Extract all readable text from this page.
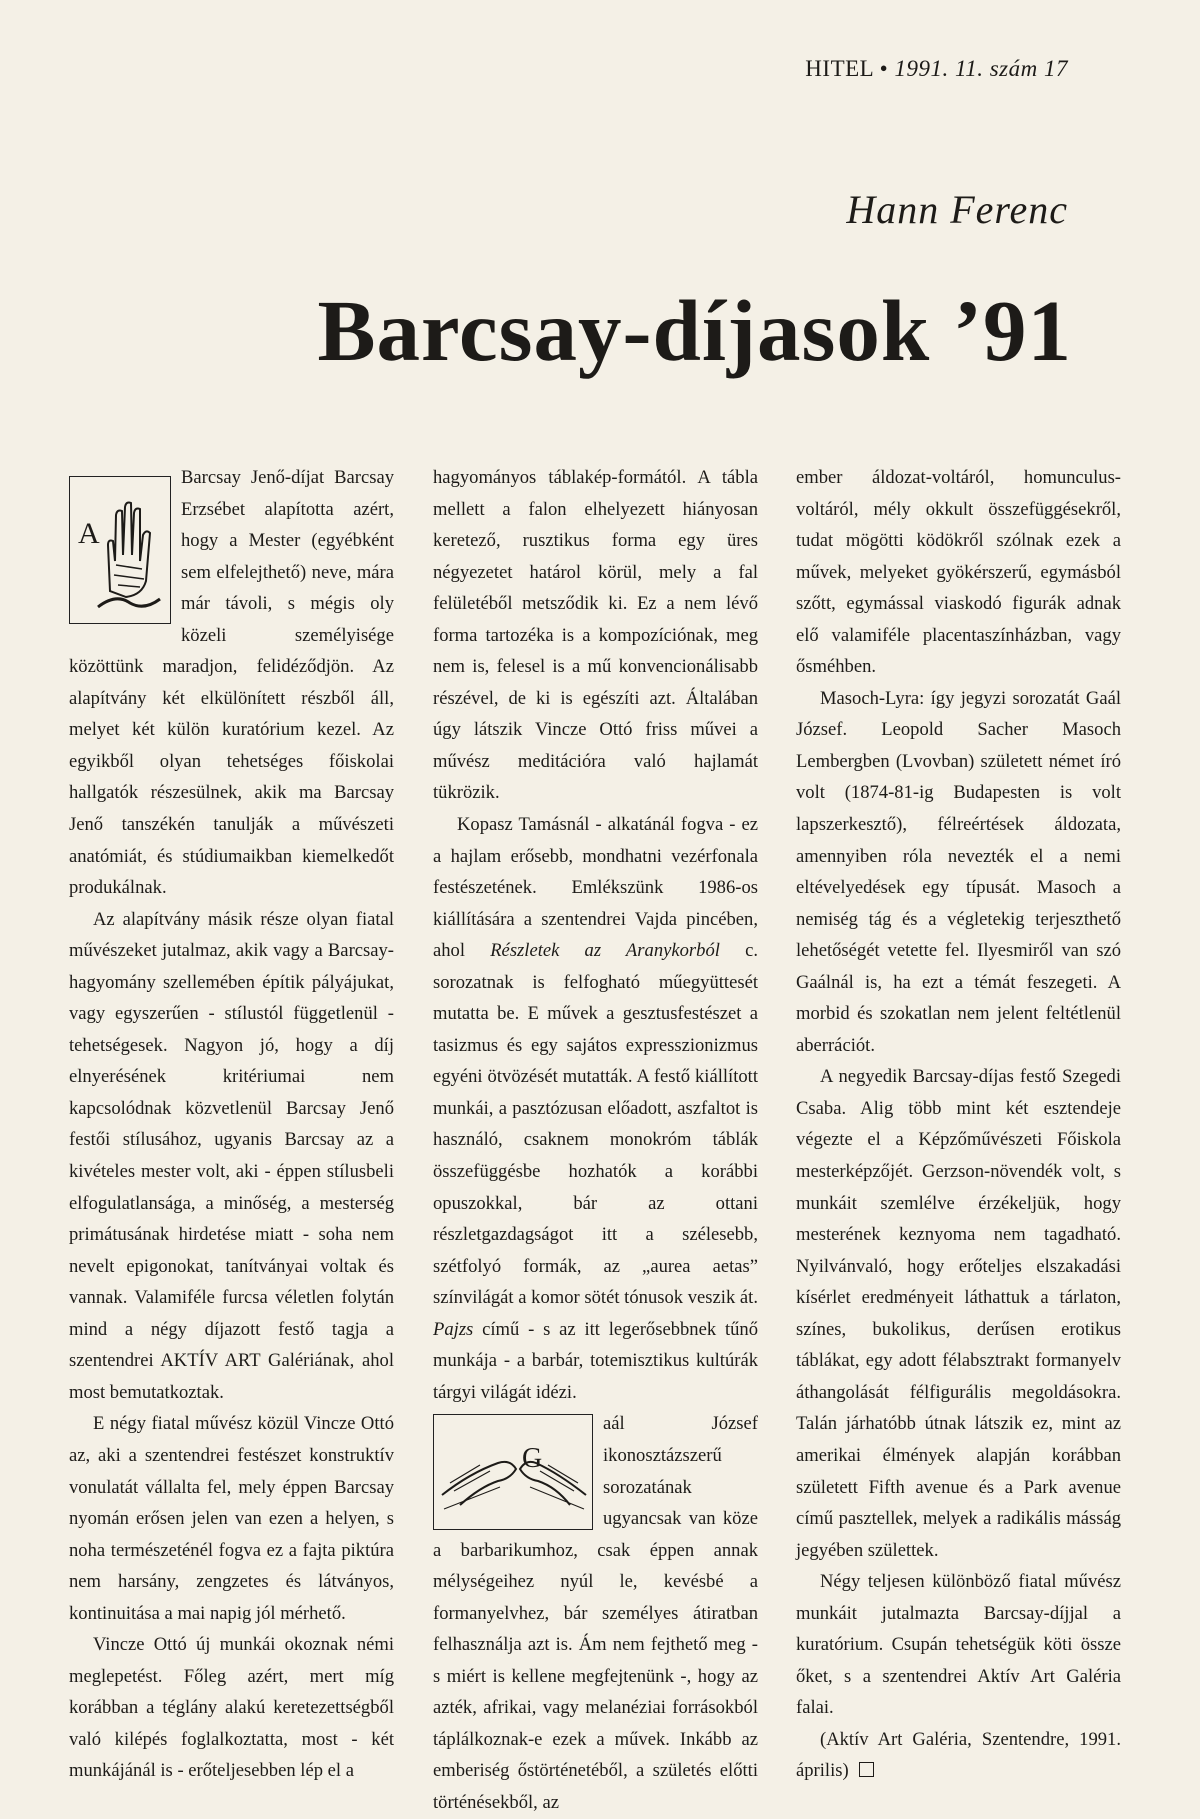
HITEL • 1991. 11. szám 17
Hann Ferenc
Barcsay-díjasok ’91
A

Barcsay Jenő-díjat Barcsay Erzsébet alapította azért, hogy a Mester (egyébként sem elfelejthető) neve, mára már távoli, s mégis oly közeli személyisége közöttünk maradjon, felidéződjön. Az alapítvány két elkülönített részből áll, melyet két külön kuratórium kezel. Az egyikből olyan tehetséges főiskolai hallgatók részesülnek, akik ma Barcsay Jenő tanszékén tanulják a művészeti anatómiát, és stúdiumaikban kiemelkedőt produkálnak.

Az alapítvány másik része olyan fiatal művészeket jutalmaz, akik vagy a Barcsay-hagyomány szellemében építik pályájukat, vagy egyszerűen - stílustól függetlenül - tehetségesek. Nagyon jó, hogy a díj elnyerésének kritériumai nem kapcsolódnak közvetlenül Barcsay Jenő festői stílusához, ugyanis Barcsay az a kivételes mester volt, aki - éppen stílusbeli elfogulatlansága, a minőség, a mesterség primátusának hirdetése miatt - soha nem nevelt epigonokat, tanítványai voltak és vannak. Valamiféle furcsa véletlen folytán mind a négy díjazott festő tagja a szentendrei AKTÍV ART Galériának, ahol most bemutatkoztak.

E négy fiatal művész közül Vincze Ottó az, aki a szentendrei festészet konstruktív vonulatát vállalta fel, mely éppen Barcsay nyomán erősen jelen van ezen a helyen, s noha természeténél fogva ez a fajta piktúra nem harsány, zengzetes és látványos, kontinuitása a mai napig jól mérhető.

Vincze Ottó új munkái okoznak némi meglepetést. Főleg azért, mert míg korábban a téglány alakú keretezettségből való kilépés foglalkoztatta, most - két munkájánál is - erőteljesebben lép el a

hagyományos táblakép-formától. A tábla mellett a falon elhelyezett hiányosan keretező, rusztikus forma egy üres négyezetet határol körül, mely a fal felületéből metsződik ki. Ez a nem lévő forma tartozéka is a kompozíciónak, meg nem is, felesel is a mű konvencionálisabb részével, de ki is egészíti azt. Általában úgy látszik Vincze Ottó friss művei a művész meditációra való hajlamát tükrözik.

Kopasz Tamásnál - alkatánál fogva - ez a hajlam erősebb, mondhatni vezérfonala festészetének. Emlékszünk 1986-os kiállítására a szentendrei Vajda pincében, ahol Részletek az Aranykorból c. sorozatnak is felfogható műegyüttesét mutatta be. E művek a gesztusfestészet a tasizmus és egy sajátos expresszionizmus egyéni ötvözését mutatták. A festő kiállított munkái, a pasztózusan előadott, aszfaltot is használó, csaknem monokróm táblák összefüggésbe hozhatók a korábbi opuszokkal, bár az ottani részletgazdagságot itt a szélesebb, szétfolyó formák, az „aurea aetas” színvilágát a komor sötét tónusok veszik át. Pajzs című - s az itt legerősebbnek tűnő munkája - a barbár, totemisztikus kultúrák tárgyi világát idézi.

G

aál József ikonosztázszerű sorozatának ugyancsak van köze a barbarikumhoz, csak éppen annak mélységeihez nyúl le, kevésbé a formanyelvhez, bár személyes átiratban felhasználja azt is. Ám nem fejthető meg - s miért is kellene megfejtenünk -, hogy az azték, afrikai, vagy melanéziai forrásokból táplálkoznak-e ezek a művek. Inkább az emberiség őstörténetéből, a születés előtti történésekből, az

ember áldozat-voltáról, homunculus-voltáról, mély okkult összefüggésekről, tudat mögötti ködökről szólnak ezek a művek, melyeket gyökérszerű, egymásból szőtt, egymással viaskodó figurák adnak elő valamiféle placentaszínházban, vagy ősméhben.

Masoch-Lyra: így jegyzi sorozatát Gaál József. Leopold Sacher Masoch Lembergben (Lvovban) született német író volt (1874-81-ig Budapesten is volt lapszerkesztő), félreértések áldozata, amennyiben róla nevezték el a nemi eltévelyedések egy típusát. Masoch a nemiség tág és a végletekig terjeszthető lehetőségét vetette fel. Ilyesmiről van szó Gaálnál is, ha ezt a témát feszegeti. A morbid és szokatlan nem jelent feltétlenül aberrációt.

A negyedik Barcsay-díjas festő Szegedi Csaba. Alig több mint két esztendeje végezte el a Képzőművészeti Főiskola mesterképzőjét. Gerzson-növendék volt, s munkáit szemlélve érzékeljük, hogy mesterének keznyoma nem tagadható. Nyilvánvaló, hogy erőteljes elszakadási kísérlet eredményeit láthattuk a tárlaton, színes, bukolikus, derűsen erotikus táblákat, egy adott félabsztrakt formanyelv áthangolását félfigurális megoldásokra. Talán járhatóbb útnak látszik ez, mint az amerikai élmények alapján korábban született Fifth avenue és a Park avenue című pasztellek, melyek a radikális másság jegyében születtek.

Négy teljesen különböző fiatal művész munkáit jutalmazta Barcsay-díjjal a kuratórium. Csupán tehetségük köti össze őket, s a szentendrei Aktív Art Galéria falai.

(Aktív Art Galéria, Szentendre, 1991. április)
